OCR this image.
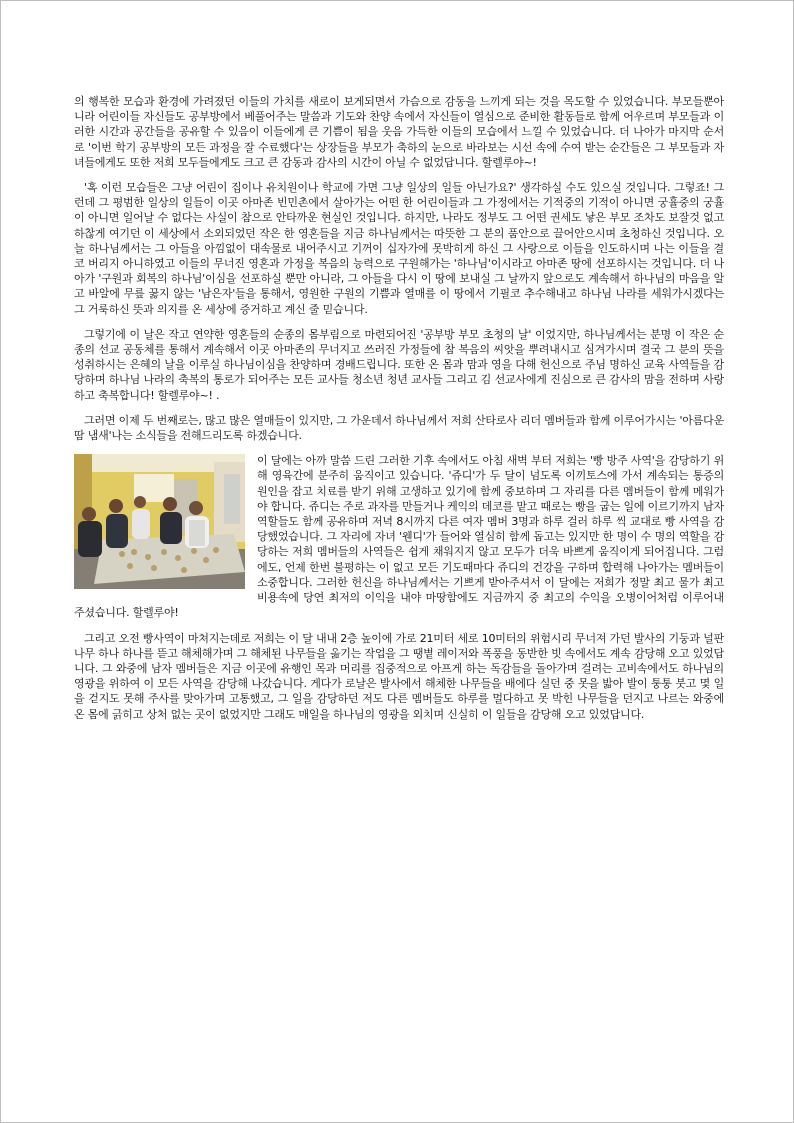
의 행복한 모습과 환경에 가려졌던 이들의 가치를 새로이 보게되면서 가슴으로 감동을 느끼게 되는 것을 목도할 수 있었습니다. 부모들뿐아니라 어린이들 자신들도 공부방에서 베풀어주는 말씀과 기도와 찬양 속에서 자신들이 열심으로 준비한 활동들로 함께 어우르며 부모들과 이러한 시간과 공간들을 공유할 수 있음이 이들에게 큰 기쁨이 됨을 웃음 가득한 이들의 모습에서 느낄 수 있었습니다. 더 나아가 마지막 순서로 '이번 학기 공부방의 모든 과정을 잘 수료했다'는 상장들을 부모가 축하의 눈으로 바라보는 시선 속에 수여 받는 순간들은 그 부모들과 자녀들에게도 또한 저희 모두들에게도 크고 큰 감동과 감사의 시간이 아닐 수 없었답니다. 할렐루야~!

'혹 이런 모습들은 그냥 어린이 집이나 유치원이나 학교에 가면 그냥 일상의 일들 아닌가요?' 생각하실 수도 있으실 것입니다. 그렇죠! 그런데 그 평범한 일상의 일들이 이곳 아마존 빈민촌에서 살아가는 어떤 한 어린이들과 그 가정에서는 기적중의 기적이 아니면 궁휼중의 궁휼이 아니면 일어날 수 없다는 사실이 참으로 안타까운 현실인 것입니다. 하지만, 나라도 정부도 그 어떤 권세도 낳은 부모 조차도 보잘것 없고 하찮게 여기던 이 세상에서 소외되었던 작은 한 영혼들을 지금 하나님께서는 따뜻한 그 분의 품안으로 끌어안으시며 초청하신 것입니다. 오늘 하나님께서는 그 아들을 아낌없이 대속물로 내어주시고 기꺼이 십자가에 못박히게 하신 그 사랑으로 이들을 인도하시며 나는 이들을 결코 버리지 아니하였고 이들의 무너진 영혼과 가정을 복음의 능력으로 구원해가는 '하나님'이시라고 아마존 땅에 선포하시는 것입니다. 더 나아가 '구원과 회복의 하나님'이심을 선포하실 뿐만 아니라, 그 아들을 다시 이 땅에 보내실 그 날까지 앞으로도 계속해서 하나님의 마음을 알고 바알에 무릎 꿇지 않는 '남은자'들을 통해서, 영원한 구원의 기쁨과 열매를 이 땅에서 기필코 추수해내고 하나님 나라를 세워가시겠다는 그 거룩하신 뜻과 의지를 온 세상에 증거하고 계신 줄 믿습니다.

그렇기에 이 날은 작고 연약한 영혼들의 순종의 몸부림으로 마련되어진 '공부방 부모 초청의 날' 이었지만, 하나님께서는 분명 이 작은 순종의 선교 공동체를 통해서 계속해서 이곳 아마존의 무너지고 쓰러진 가정들에 참 복음의 씨앗을 뿌려내시고 심겨가시며 결국 그 분의 뜻을 성취하시는 은혜의 날을 이루실 하나님이심을 찬양하며 경배드립니다. 또한 온 몸과 맘과 영을 다해 헌신으로 주님 명하신 교육 사역들을 감당하며 하나님 나라의 축복의 통로가 되어주는 모든 교사들 청소년 청년 교사들 그리고 김 선교사에게 진심으로 큰 감사의 맘을 전하며 사랑하고 축복합니다! 할렐루야~! .

그러면 이제 두 번째로는, 많고 많은 열매들이 있지만, 그 가운데서 하나님께서 저희 산타로사 리더 멤버들과 함께 이루어가시는 '아름다운 땀 냄새'나는 소식들을 전해드리도록 하겠습니다.

이 달에는 아까 말씀 드린 그러한 기후 속에서도 아침 새벽 부터 저희는 '빵 방주 사역'을 감당하기 위해 영육간에 분주히 움직이고 있습니다. '쥬디'가 두 달이 넘도록 이끼토스에 가서 계속되는 통증의 원인을 잡고 치료를 받기 위해 고생하고 있기에 함께 중보하며 그 자리를 다른 멤버들이 함께 메워가야 합니다. 쥬디는 주로 과자를 만들거나 케익의 데코를 맡고 때로는 빵을 굽는 일에 이르기까지 남자 역할들도 함께 공유하며 저녁 8시까지 다른 여자 멤버 3명과 하루 걸러 하루 씩 교대로 빵 사역을 감당했었습니다. 그 자리에 자녀 '웬디'가 들어와 열심히 함께 돕고는 있지만 한 명이 수 명의 역할을 감당하는 저희 멤버들의 사역들은 쉽게 채워지지 않고 모두가 더욱 바쁘게 움직이게 되어집니다. 그럼에도, 언제 한번 불평하는 이 없고 모든 기도때마다 쥬디의 건강을 구하며 합력해 나아가는 멤버들이 소중합니다. 그러한 헌신을 하나님께서는 기쁘게 받아주셔서 이 달에는 저희가 정말 최고 물가 최고 비용속에 당연 최저의 이익을 내야 마땅함에도 지금까지 중 최고의 수익을 오병이어처럼 이루어내 주셨습니다. 할렐루야!

그리고 오전 빵사역이 마쳐지는데로 저희는 이 달 내내 2층 높이에 가로 21미터 세로 10미터의 위험시리 무너져 가던 발사의 기둥과 널판 나무 하나 하나를 뜯고 해체해가며 그 해체된 나무들을 옮기는 작업을 그 땡볕 레이저와 폭풍을 동반한 빗 속에서도 계속 감당해 오고 있었답니다. 그 와중에 남자 멤버들은 지금 이곳에 유행인 목과 머리를 집중적으로 아프게 하는 독감들을 돌아가며 걸려는 고비속에서도 하나님의 영광을 위하여 이 모든 사역을 감당해 나갔습니다. 게다가 로날은 발사에서 해체한 나무들을 배에다 실던 중 못을 밟아 발이 퉁퉁 붓고 몇 일을 걷지도 못해 주사를 맞아가며 고통했고, 그 일을 감당하던 저도 다른 멤버들도 하루를 멀다하고 못 박힌 나무들을 던지고 나르는 와중에 온 몸에 긁히고 상처 없는 곳이 없었지만 그래도 매일을 하나님의 영광을 외치며 신실히 이 일들을 감당해 오고 있었답니다.
